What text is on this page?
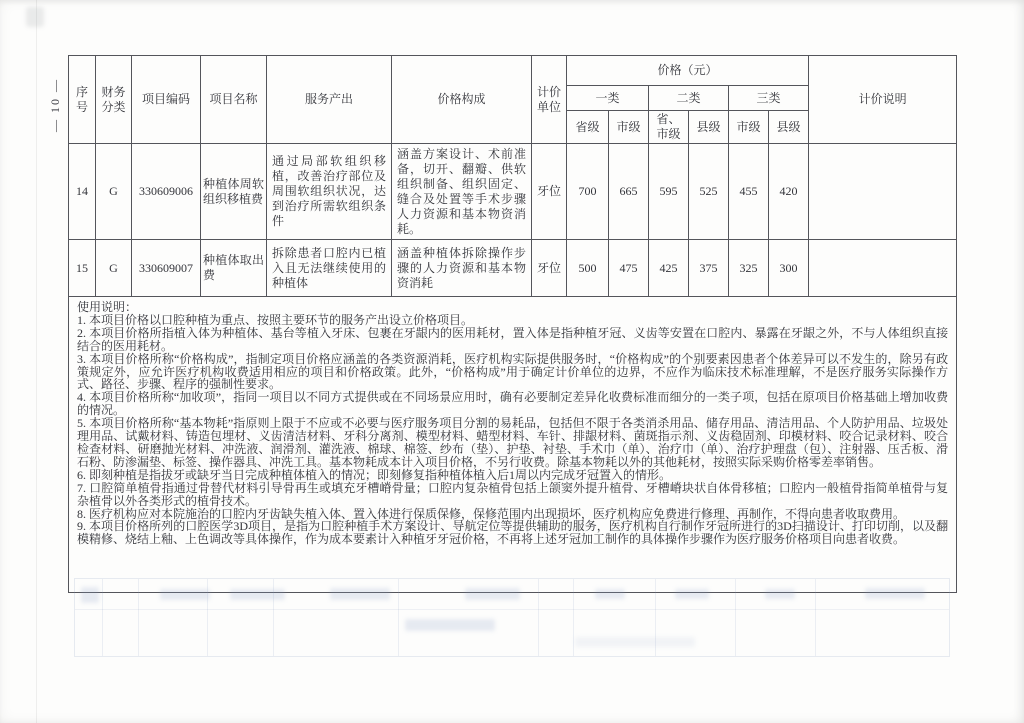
— 10 — 序号	财务分类	项目编码	项目名称	服务产出	价格构成	计价单位	价格（元）						计价说明
							一类		二类		三类		
							省级	市级	省、市级	县级	市级	县级	
14	G	330609006	种植体周软组织移植费	通过局部软组织移植，改善治疗部位及周围软组织状况，达到治疗所需软组织条件	涵盖方案设计、术前准备，切开、翻瓣、供软组织制备、组织固定、缝合及处置等手术步骤人力资源和基本物资消耗。	牙位	700	665	595	525	455	420	
15	G	330609007	种植体取出费	拆除患者口腔内已植入且无法继续使用的种植体	涵盖种植体拆除操作步骤的人力资源和基本物资消耗	牙位	500	475	425	375	325	300	

使用说明：
1. 本项目价格以口腔种植为重点、按照主要环节的服务产出设立价格项目。
2. 本项目价格所指植入体为种植体、基台等植入牙床、包裹在牙龈内的医用耗材，置入体是指种植牙冠、义齿等安置在口腔内、暴露在牙龈之外，不与人体组织直接结合的医用耗材。
3. 本项目价格所称“价格构成”，指制定项目价格应涵盖的各类资源消耗，医疗机构实际提供服务时，“价格构成”的个别要素因患者个体差异可以不发生的，除另有政策规定外，应允许医疗机构收费适用相应的项目和价格政策。此外，“价格构成”用于确定计价单位的边界，不应作为临床技术标准理解，不是医疗服务实际操作方式、路径、步骤、程序的强制性要求。
4. 本项目价格所称“加收项”，指同一项目以不同方式提供或在不同场景应用时，确有必要制定差异化收费标准而细分的一类子项，包括在原项目价格基础上增加收费的情况。
5. 本项目价格所称“基本物耗”指原则上限于不应或不必要与医疗服务项目分割的易耗品，包括但不限于各类消杀用品、储存用品、清洁用品、个人防护用品、垃圾处理用品、试戴材料、铸造包埋材、义齿清洁材料、牙科分离剂、模型材料、蜡型材料、车针、排龈材料、菌斑指示剂、义齿稳固剂、印模材料、咬合记录材料、咬合检查材料、研磨抛光材料、冲洗液、润滑剂、灌洗液、棉球、棉签、纱布（垫）、护垫、衬垫、手术巾（单）、治疗巾（单）、治疗护理盘（包）、注射器、压舌板、滑石粉、防渗漏垫、标签、操作器具、冲洗工具。基本物耗成本计入项目价格，不另行收费。除基本物耗以外的其他耗材，按照实际采购价格零差率销售。
6. 即刻种植是指拔牙或缺牙当日完成种植体植入的情况；即刻修复指种植体植入后1周以内完成牙冠置入的情形。
7. 口腔简单植骨指通过骨替代材料引导骨再生或填充牙槽嵴骨量；口腔内复杂植骨包括上颌窦外提升植骨、牙槽嵴块状自体骨移植；口腔内一般植骨指简单植骨与复杂植骨以外各类形式的植骨技术。
8. 医疗机构应对本院施治的口腔内牙齿缺失植入体、置入体进行保质保修，保修范围内出现损坏，医疗机构应免费进行修理、再制作，不得向患者收取费用。
9. 本项目价格所列的口腔医学3D项目，是指为口腔种植手术方案设计、导航定位等提供辅助的服务，医疗机构自行制作牙冠所进行的3D扫描设计、打印切削，以及翻模精修、烧结上釉、上色调改等具体操作，作为成本要素计入种植牙牙冠价格，不再将上述牙冠加工制作的具体操作步骤作为医疗服务价格项目向患者收费。
